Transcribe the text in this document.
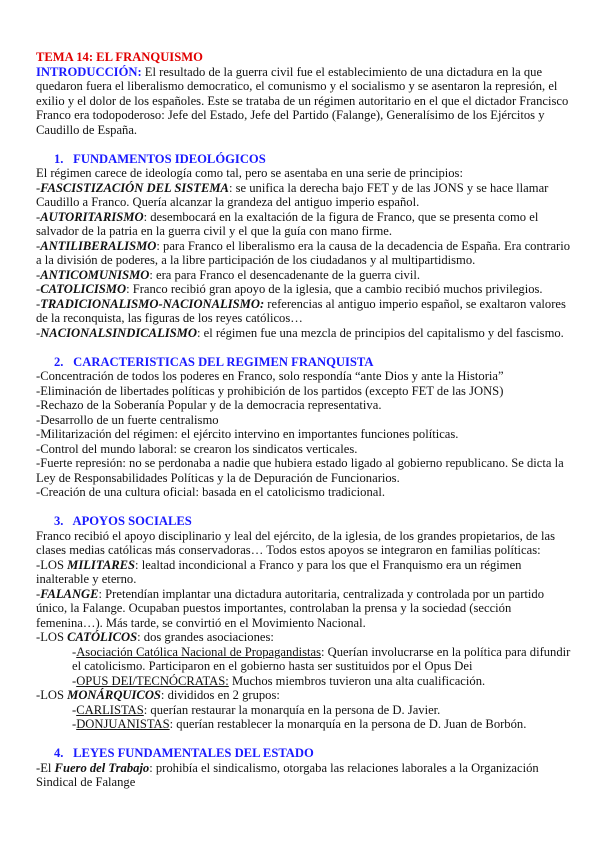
TEMA 14: EL FRANQUISMO

INTRODUCCIÓN: El resultado de la guerra civil fue el establecimiento de una dictadura en la que quedaron fuera el liberalismo democratico, el comunismo y el socialismo y se asentaron la represión, el exilio y el dolor de los españoles. Este se trataba de un régimen autoritario en el que el dictador Francisco Franco era todopoderoso: Jefe del Estado, Jefe del Partido (Falange), Generalísimo de los Ejércitos y Caudillo de España.

1. FUNDAMENTOS IDEOLÓGICOS

El régimen carece de ideología como tal, pero se asentaba en una serie de principios:

-FASCISTIZACIÓN DEL SISTEMA: se unifica la derecha bajo FET y de las JONS y se hace llamar Caudillo a Franco. Quería alcanzar la grandeza del antiguo imperio español.

-AUTORITARISMO: desembocará en la exaltación de la figura de Franco, que se presenta como el salvador de la patria en la guerra civil y el que la guía con mano firme.

-ANTILIBERALISMO: para Franco el liberalismo era la causa de la decadencia de España. Era contrario a la división de poderes, a la libre participación de los ciudadanos y al multipartidismo.

-ANTICOMUNISMO: era para Franco el desencadenante de la guerra civil.

-CATOLICISMO: Franco recibió gran apoyo de la iglesia, que a cambio recibió muchos privilegios.

-TRADICIONALISMO-NACIONALISMO: referencias al antiguo imperio español, se exaltaron valores de la reconquista, las figuras de los reyes católicos…

-NACIONALSINDICALISMO: el régimen fue una mezcla de principios del capitalismo y del fascismo.

2. CARACTERISTICAS DEL REGIMEN FRANQUISTA

-Concentración de todos los poderes en Franco, solo respondía “ante Dios y ante la Historia”

-Eliminación de libertades políticas y prohibición de los partidos (excepto FET de las JONS)

-Rechazo de la Soberanía Popular y de la democracia representativa.

-Desarrollo de un fuerte centralismo

-Militarización del régimen: el ejército intervino en importantes funciones políticas.

-Control del mundo laboral: se crearon los sindicatos verticales.

-Fuerte represión: no se perdonaba a nadie que hubiera estado ligado al gobierno republicano. Se dicta la Ley de Responsabilidades Políticas y la de Depuración de Funcionarios.

-Creación de una cultura oficial: basada en el catolicismo tradicional.

3. APOYOS SOCIALES

Franco recibió el apoyo disciplinario y leal del ejército, de la iglesia, de los grandes propietarios, de las clases medias católicas más conservadoras… Todos estos apoyos se integraron en familias políticas:

-LOS MILITARES: lealtad incondicional a Franco y para los que el Franquismo era un régimen inalterable y eterno.

-FALANGE: Pretendían implantar una dictadura autoritaria, centralizada y controlada por un partido único, la Falange. Ocupaban puestos importantes, controlaban la prensa y la sociedad (sección femenina…). Más tarde, se convirtió en el Movimiento Nacional.

-LOS CATÓLICOS: dos grandes asociaciones:

-Asociación Católica Nacional de Propagandistas: Querían involucrarse en la política para difundir el catolicismo. Participaron en el gobierno hasta ser sustituidos por el Opus Dei

-OPUS DEI/TECNÓCRATAS: Muchos miembros tuvieron una alta cualificación.

-LOS MONÁRQUICOS: divididos en 2 grupos:

-CARLISTAS: querían restaurar la monarquía en la persona de D. Javier.

-DONJUANISTAS: querían restablecer la monarquía en la persona de D. Juan de Borbón.

4. LEYES FUNDAMENTALES DEL ESTADO

-El Fuero del Trabajo: prohibía el sindicalismo, otorgaba las relaciones laborales a la Organización Sindical de Falange
